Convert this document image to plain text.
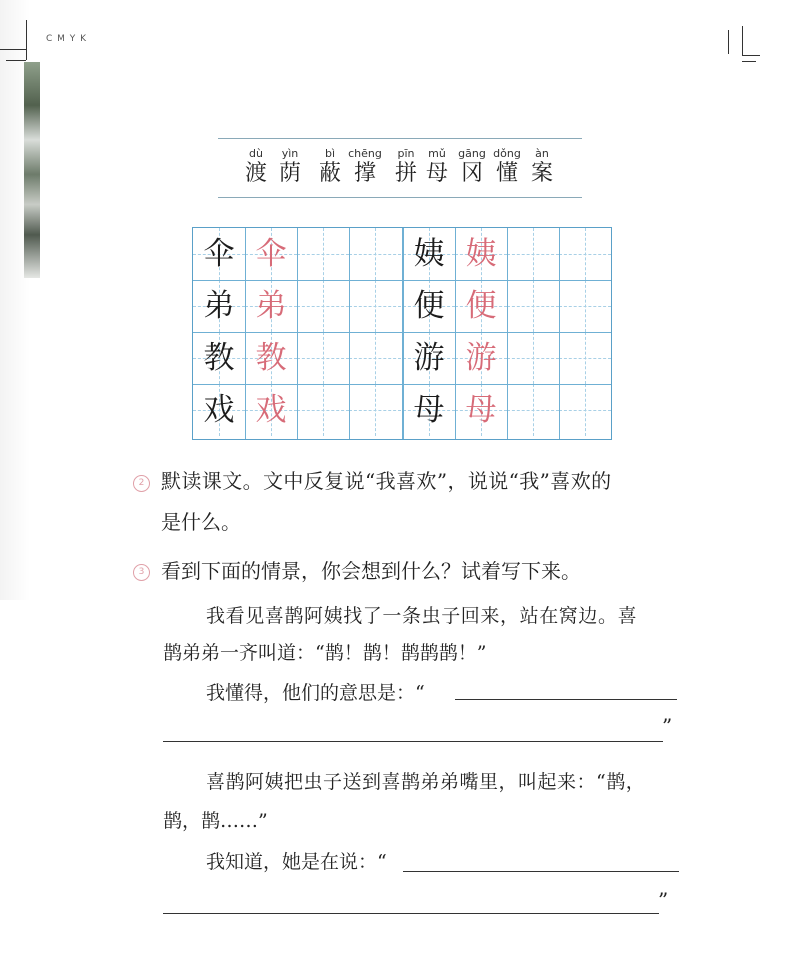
C M Y K
dù
渡
yìn
荫
bì
蔽
chēng
撑
pīn
拼
mǔ
母
gāng
冈
dǒng
懂
àn
案
伞 伞
弟 弟
教 教
戏 戏
姨 姨
便 便
游 游
母 母
2 默读课文。文中反复说“我喜欢”，说说“我”喜欢的
是什么。
3 看到下面的情景，你会想到什么？试着写下来。
我看见喜鹊阿姨找了一条虫子回来，站在窝边。喜
鹊弟弟一齐叫道：“鹊！鹊！鹊鹊鹊！”
我懂得，他们的意思是：“
”
喜鹊阿姨把虫子送到喜鹊弟弟嘴里，叫起来：“鹊，
鹊，鹊……”
我知道，她是在说：“
”
